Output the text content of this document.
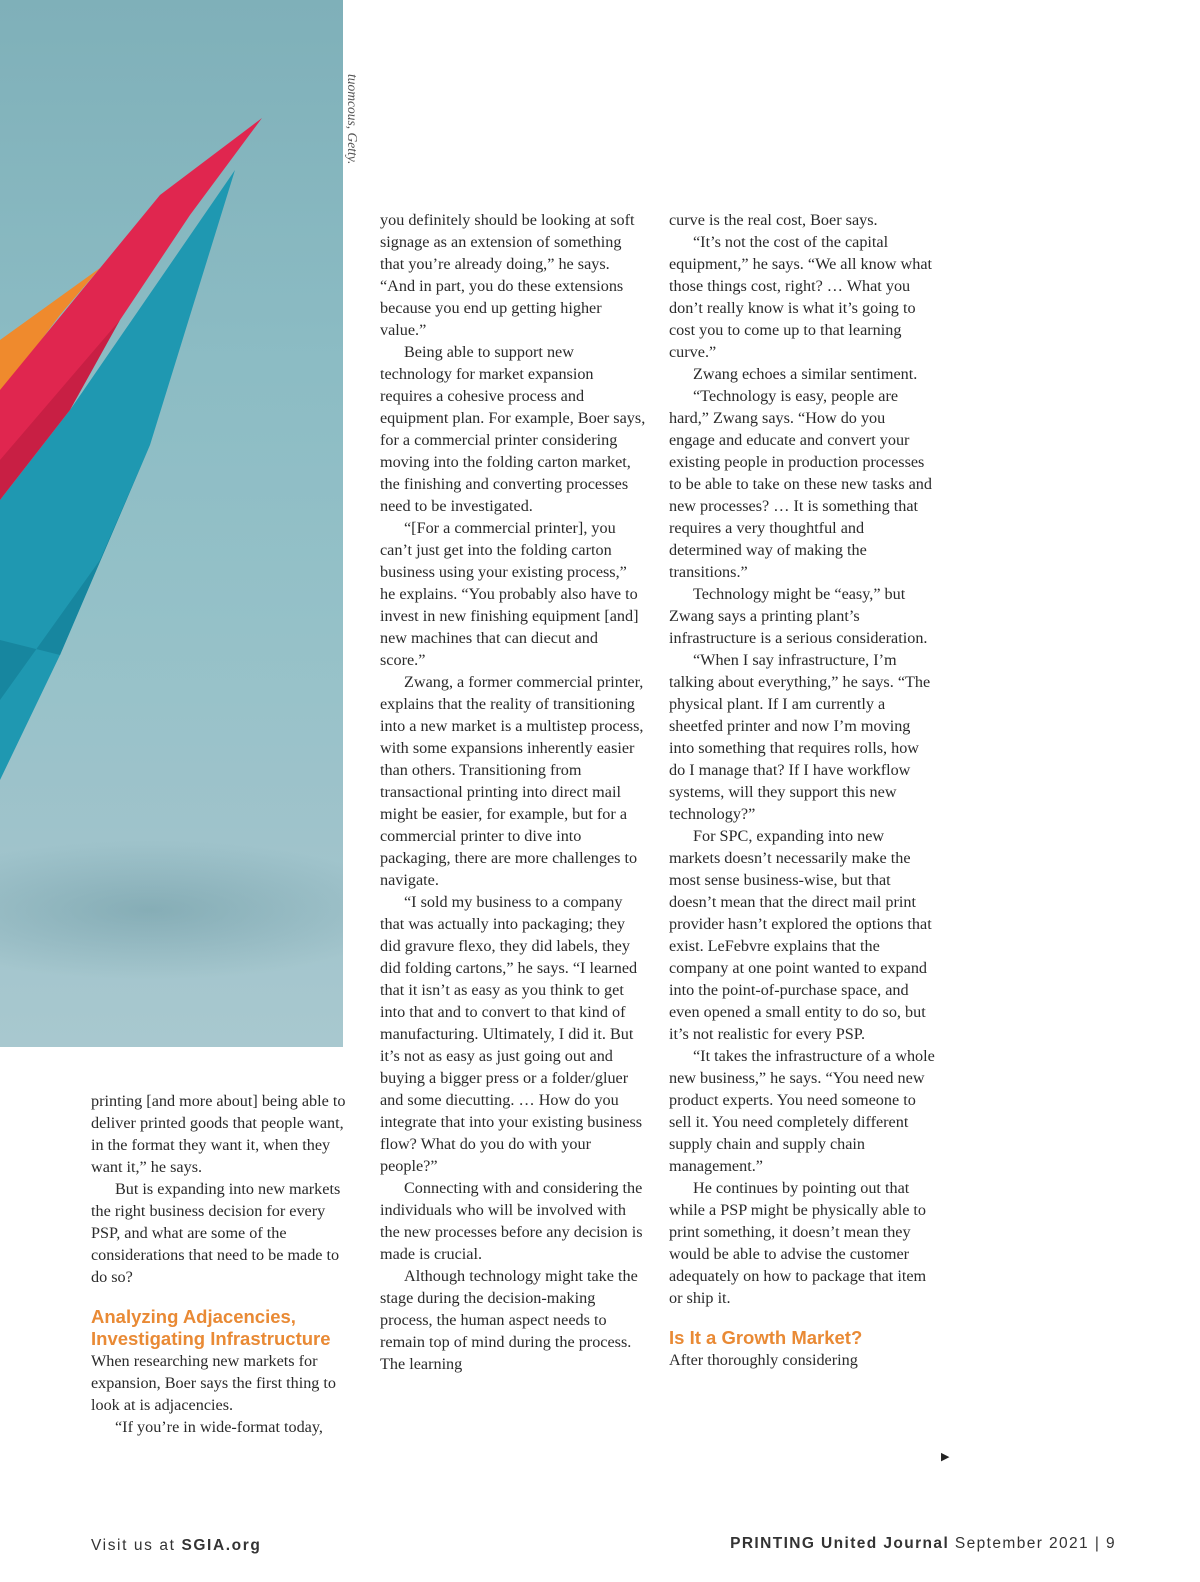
tuomcous, Getty.

printing [and more about] being able to deliver printed goods that people want, in the format they want it, when they want it,” he says.

But is expanding into new markets the right business decision for every PSP, and what are some of the considerations that need to be made to do so?

Analyzing Adjacencies, Investigating Infrastructure

When researching new markets for expansion, Boer says the first thing to look at is adjacencies.

“If you’re in wide-format today,

you definitely should be looking at soft signage as an extension of something that you’re already doing,” he says. “And in part, you do these extensions because you end up getting higher value.”

Being able to support new technology for market expansion requires a cohesive process and equipment plan. For example, Boer says, for a commercial printer considering moving into the folding carton market, the finishing and converting processes need to be investigated.

“[For a commercial printer], you can’t just get into the folding carton business using your existing process,” he explains. “You probably also have to invest in new finishing equipment [and] new machines that can diecut and score.”

Zwang, a former commercial printer, explains that the reality of transitioning into a new market is a multistep process, with some expansions inherently easier than others. Transitioning from transactional printing into direct mail might be easier, for example, but for a commercial printer to dive into packaging, there are more challenges to navigate.

“I sold my business to a company that was actually into packaging; they did gravure flexo, they did labels, they did folding cartons,” he says. “I learned that it isn’t as easy as you think to get into that and to convert to that kind of manufacturing. Ultimately, I did it. But it’s not as easy as just going out and buying a bigger press or a folder/gluer and some diecutting. … How do you integrate that into your existing business flow? What do you do with your people?”

Connecting with and considering the individuals who will be involved with the new processes before any decision is made is crucial.

Although technology might take the stage during the decision-making process, the human aspect needs to remain top of mind during the process. The learning

curve is the real cost, Boer says.

“It’s not the cost of the capital equipment,” he says. “We all know what those things cost, right? … What you don’t really know is what it’s going to cost you to come up to that learning curve.”

Zwang echoes a similar sentiment.

“Technology is easy, people are hard,” Zwang says. “How do you engage and educate and convert your existing people in production processes to be able to take on these new tasks and new processes? … It is something that requires a very thoughtful and determined way of making the transitions.”

Technology might be “easy,” but Zwang says a printing plant’s infrastructure is a serious consideration.

“When I say infrastructure, I’m talking about everything,” he says. “The physical plant. If I am currently a sheetfed printer and now I’m moving into something that requires rolls, how do I manage that? If I have workflow systems, will they support this new technology?”

For SPC, expanding into new markets doesn’t necessarily make the most sense business-wise, but that doesn’t mean that the direct mail print provider hasn’t explored the options that exist. LeFebvre explains that the company at one point wanted to expand into the point-of-purchase space, and even opened a small entity to do so, but it’s not realistic for every PSP.

“It takes the infrastructure of a whole new business,” he says. “You need new product experts. You need someone to sell it. You need completely different supply chain and supply chain management.”

He continues by pointing out that while a PSP might be physically able to print something, it doesn’t mean they would be able to advise the customer adequately on how to package that item or ship it.

Is It a Growth Market?

After thoroughly considering

▶
Visit us at SGIA.org	PRINTING United Journal September 2021 | 9
